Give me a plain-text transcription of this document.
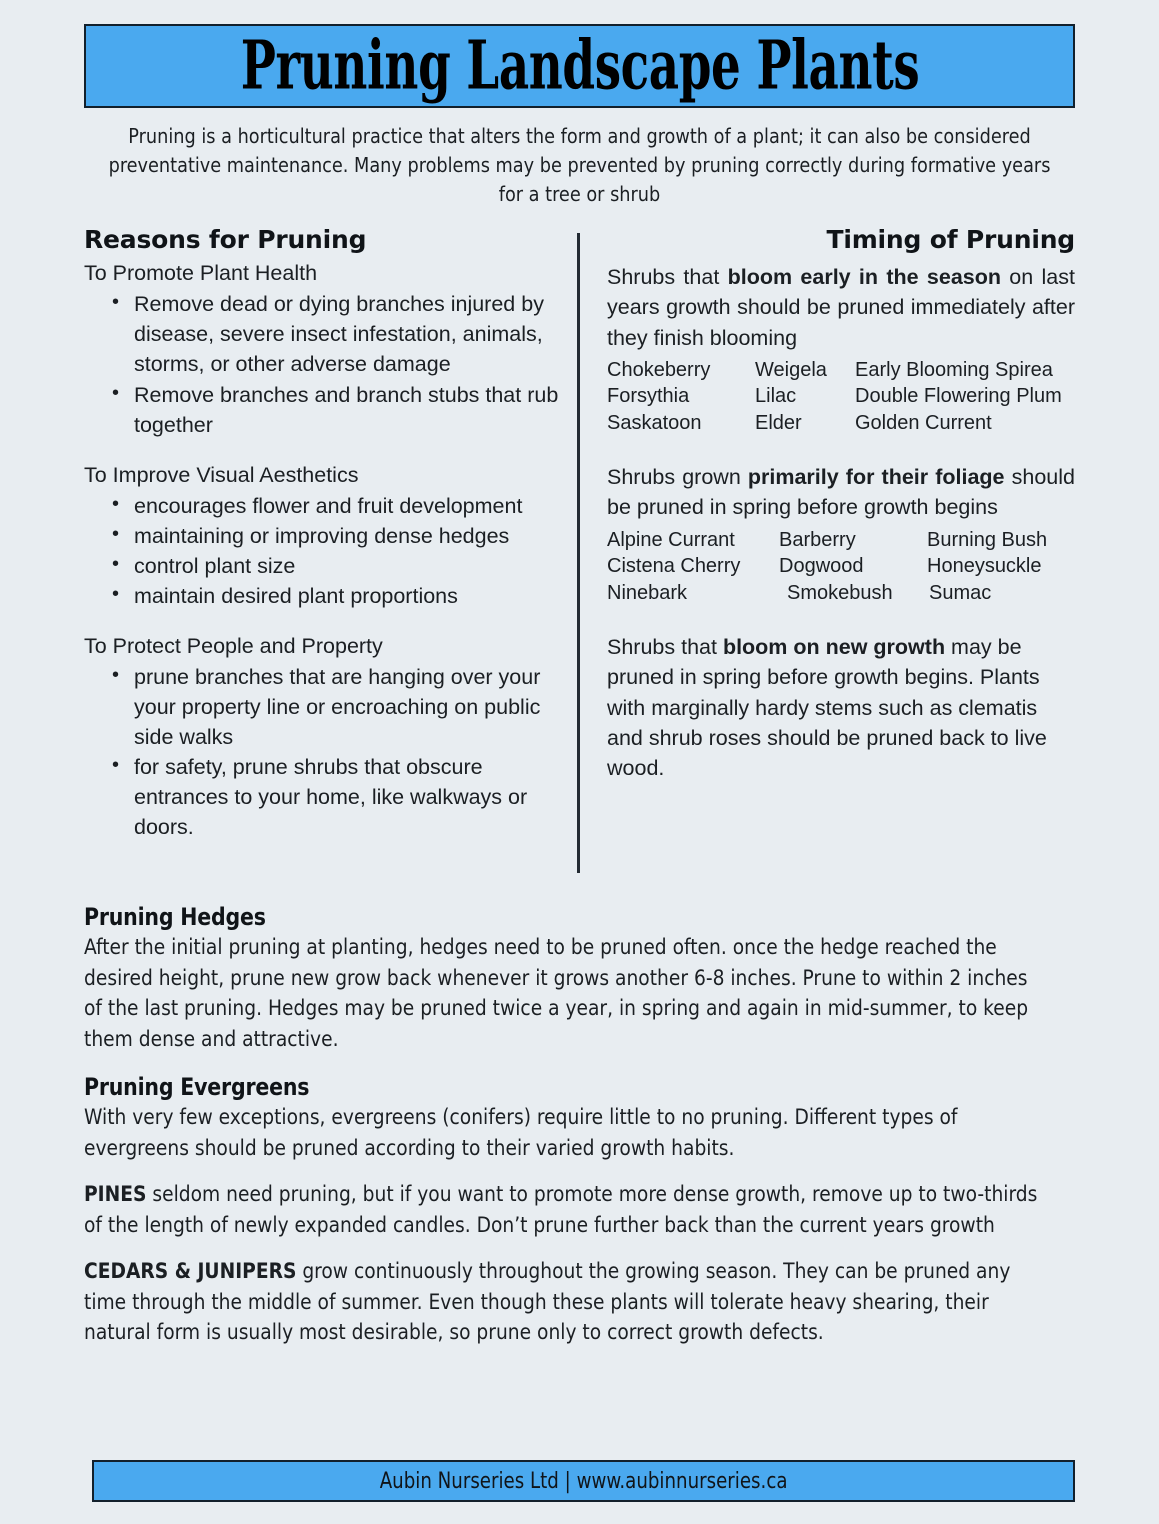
Pruning Landscape Plants
Pruning is a horticultural practice that alters the form and growth of a plant; it can also be considered preventative maintenance. Many problems may be prevented by pruning correctly during formative years for a tree or shrub
Reasons for Pruning
To Promote Plant Health
• Remove dead or dying branches injured by disease, severe insect infestation, animals, storms, or other adverse damage
• Remove branches and branch stubs that rub together
To Improve Visual Aesthetics
• encourages flower and fruit development
• maintaining or improving dense hedges
• control plant size
• maintain desired plant proportions
To Protect People and Property
• prune branches that are hanging over your your property line or encroaching on public side walks
• for safety, prune shrubs that obscure entrances to your home, like walkways or doors.
Timing of Pruning

Shrubs that bloom early in the season on last years growth should be pruned immediately after they finish blooming

Chokeberry	Weigela	Early Blooming Spirea
Forsythia	Lilac	Double Flowering Plum
Saskatoon	Elder	Golden Current

Shrubs grown primarily for their foliage should be pruned in spring before growth begins

Alpine Currant	Barberry	Burning Bush
Cistena Cherry	Dogwood	Honeysuckle
Ninebark	Smokebush	Sumac

Shrubs that bloom on new growth may be pruned in spring before growth begins. Plants with marginally hardy stems such as clematis and shrub roses should be pruned back to live wood.

Pruning Hedges

After the initial pruning at planting, hedges need to be pruned often. once the hedge reached the desired height, prune new grow back whenever it grows another 6-8 inches. Prune to within 2 inches of the last pruning. Hedges may be pruned twice a year, in spring and again in mid-summer, to keep them dense and attractive.

Pruning Evergreens

With very few exceptions, evergreens (conifers) require little to no pruning. Different types of evergreens should be pruned according to their varied growth habits.

PINES seldom need pruning, but if you want to promote more dense growth, remove up to two-thirds of the length of newly expanded candles. Don’t prune further back than the current years growth

CEDARS & JUNIPERS grow continuously throughout the growing season. They can be pruned any time through the middle of summer. Even though these plants will tolerate heavy shearing, their natural form is usually most desirable, so prune only to correct growth defects.

Aubin Nurseries Ltd | www.aubinnurseries.ca
